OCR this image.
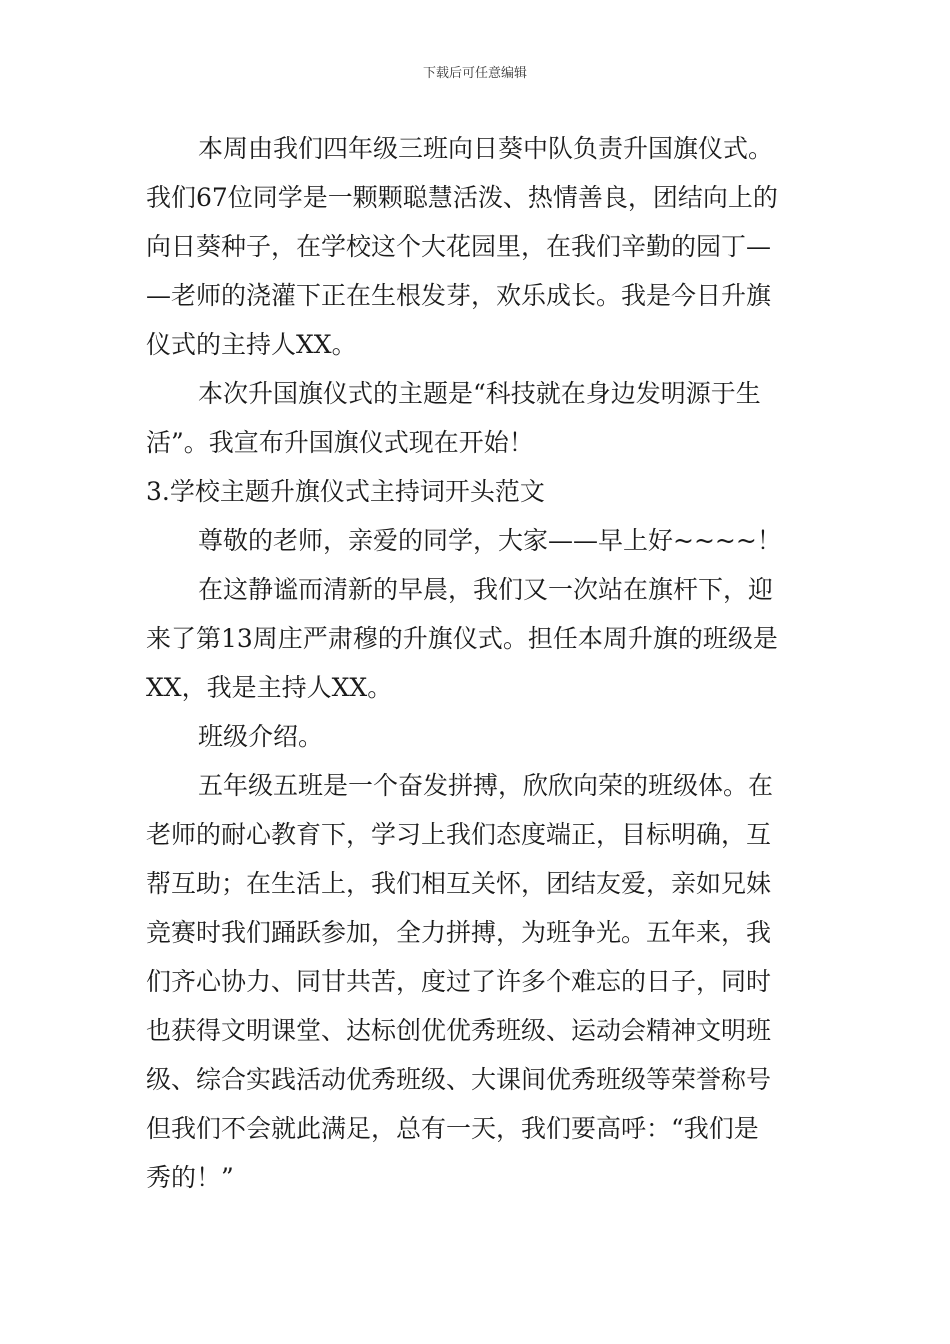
下载后可任意编辑
本周由我们四年级三班向日葵中队负责升国旗仪式。
我们67位同学是一颗颗聪慧活泼、热情善良，团结向上的
向日葵种子，在学校这个大花园里，在我们辛勤的园丁—
—老师的浇灌下正在生根发芽，欢乐成长。我是今日升旗
仪式的主持人XX。
本次升国旗仪式的主题是“科技就在身边发明源于生
活”。我宣布升国旗仪式现在开始！
3.学校主题升旗仪式主持词开头范文
尊敬的老师，亲爱的同学，大家——早上好~~~~！
在这静谧而清新的早晨，我们又一次站在旗杆下，迎
来了第13周庄严肃穆的升旗仪式。担任本周升旗的班级是
XX，我是主持人XX。
班级介绍。
五年级五班是一个奋发拼搏，欣欣向荣的班级体。在
老师的耐心教育下，学习上我们态度端正，目标明确，互
帮互助；在生活上，我们相互关怀，团结友爱，亲如兄妹
竞赛时我们踊跃参加，全力拼搏，为班争光。五年来，我
们齐心协力、同甘共苦，度过了许多个难忘的日子，同时
也获得文明课堂、达标创优优秀班级、运动会精神文明班
级、综合实践活动优秀班级、大课间优秀班级等荣誉称号
但我们不会就此满足，总有一天，我们要高呼：“我们是
秀的！”
